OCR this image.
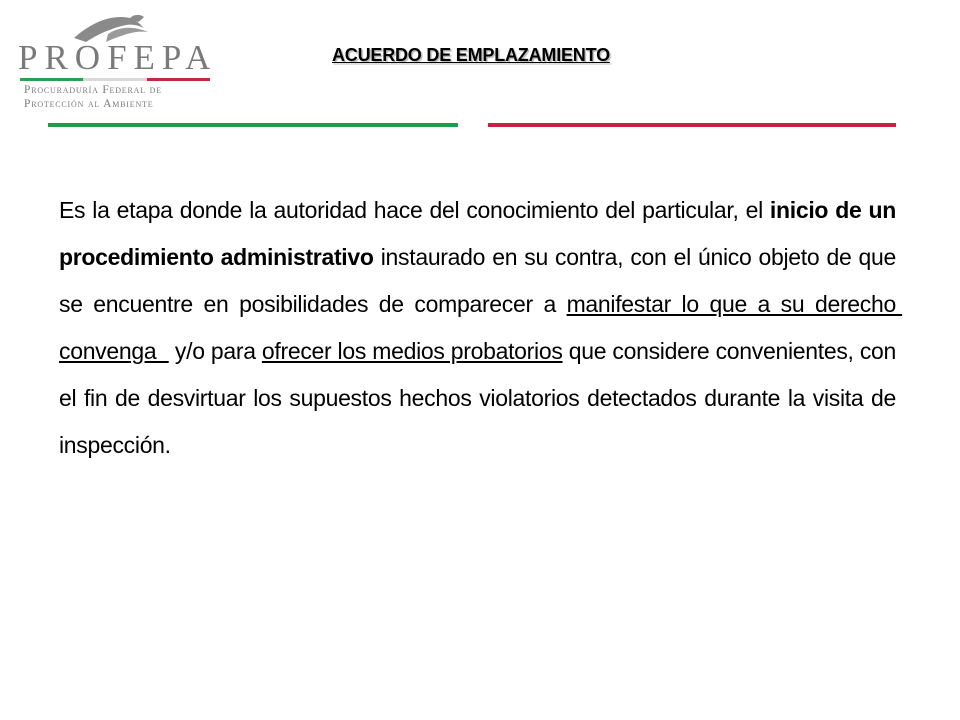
PROFEPA
Procuraduría Federal de
Protección al Ambiente
ACUERDO DE EMPLAZAMIENTO

Es la etapa donde la autoridad hace del conocimiento del particular, el inicio de un procedimiento administrativo instaurado en su contra, con el único objeto de que se encuentre en posibilidades de comparecer a manifestar lo que a su derecho convenga   y/o para ofrecer los medios probatorios que considere convenientes, con el fin de desvirtuar los supuestos hechos violatorios detectados durante la visita de inspección.
